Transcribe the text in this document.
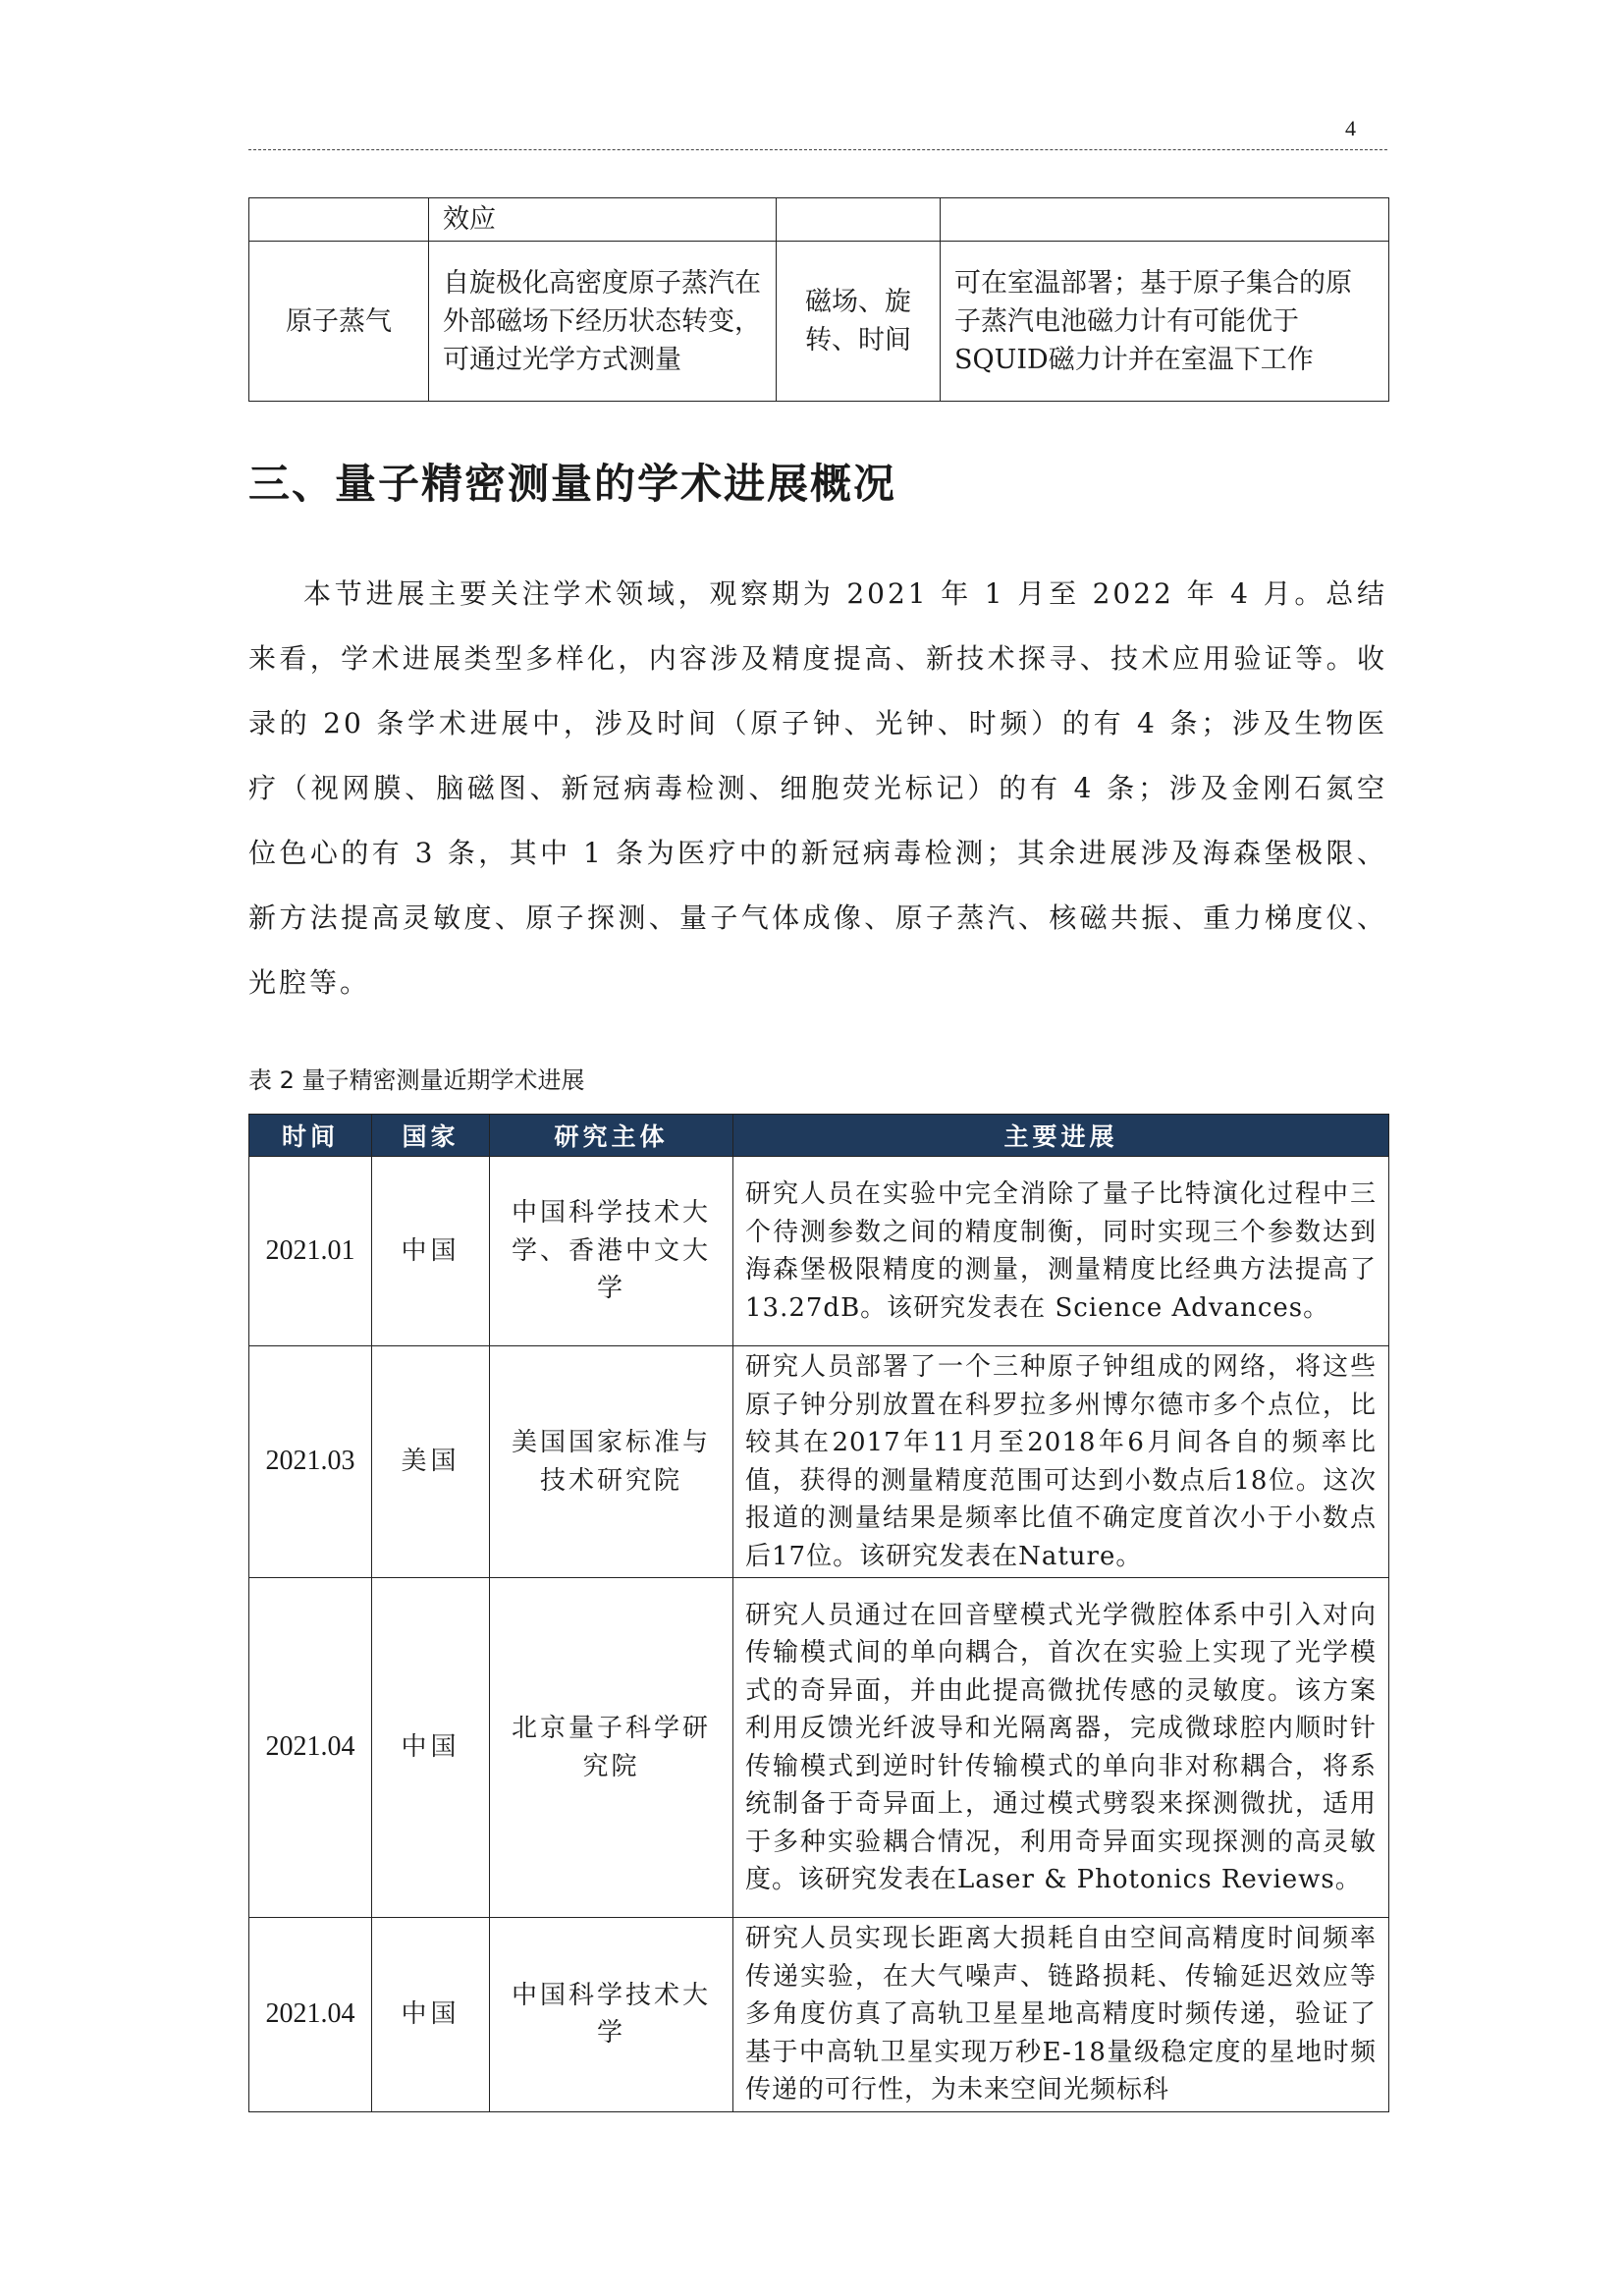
4
	效应		
原子蒸气	自旋极化高密度原子蒸汽在外部磁场下经历状态转变，可通过光学方式测量	磁场、旋转、时间	可在室温部署；基于原子集合的原子蒸汽电池磁力计有可能优于SQUID磁力计并在室温下工作
三、量子精密测量的学术进展概况
本节进展主要关注学术领域，观察期为 2021 年 1 月至 2022 年 4 月。总结来看，学术进展类型多样化，内容涉及精度提高、新技术探寻、技术应用验证等。收录的 20 条学术进展中，涉及时间（原子钟、光钟、时频）的有 4 条；涉及生物医疗（视网膜、脑磁图、新冠病毒检测、细胞荧光标记）的有 4 条；涉及金刚石氮空位色心的有 3 条，其中 1 条为医疗中的新冠病毒检测；其余进展涉及海森堡极限、新方法提高灵敏度、原子探测、量子气体成像、原子蒸汽、核磁共振、重力梯度仪、光腔等。
表 2 量子精密测量近期学术进展
时间	国家	研究主体	主要进展
2021.01	中国	中国科学技术大学、香港中文大学	研究人员在实验中完全消除了量子比特演化过程中三个待测参数之间的精度制衡，同时实现三个参数达到海森堡极限精度的测量，测量精度比经典方法提高了 13.27dB。该研究发表在 Science Advances。
2021.03	美国	美国国家标准与技术研究院	研究人员部署了一个三种原子钟组成的网络，将这些原子钟分别放置在科罗拉多州博尔德市多个点位，比较其在2017年11月至2018年6月间各自的频率比值，获得的测量精度范围可达到小数点后18位。这次报道的测量结果是频率比值不确定度首次小于小数点后17位。该研究发表在Nature。
2021.04	中国	北京量子科学研究院	研究人员通过在回音壁模式光学微腔体系中引入对向传输模式间的单向耦合，首次在实验上实现了光学模式的奇异面，并由此提高微扰传感的灵敏度。该方案利用反馈光纤波导和光隔离器，完成微球腔内顺时针传输模式到逆时针传输模式的单向非对称耦合，将系统制备于奇异面上，通过模式劈裂来探测微扰，适用于多种实验耦合情况，利用奇异面实现探测的高灵敏度。该研究发表在Laser & Photonics Reviews。
2021.04	中国	中国科学技术大学	研究人员实现长距离大损耗自由空间高精度时间频率传递实验，在大气噪声、链路损耗、传输延迟效应等多角度仿真了高轨卫星星地高精度时频传递，验证了基于中高轨卫星实现万秒E-18量级稳定度的星地时频传递的可行性，为未来空间光频标科
